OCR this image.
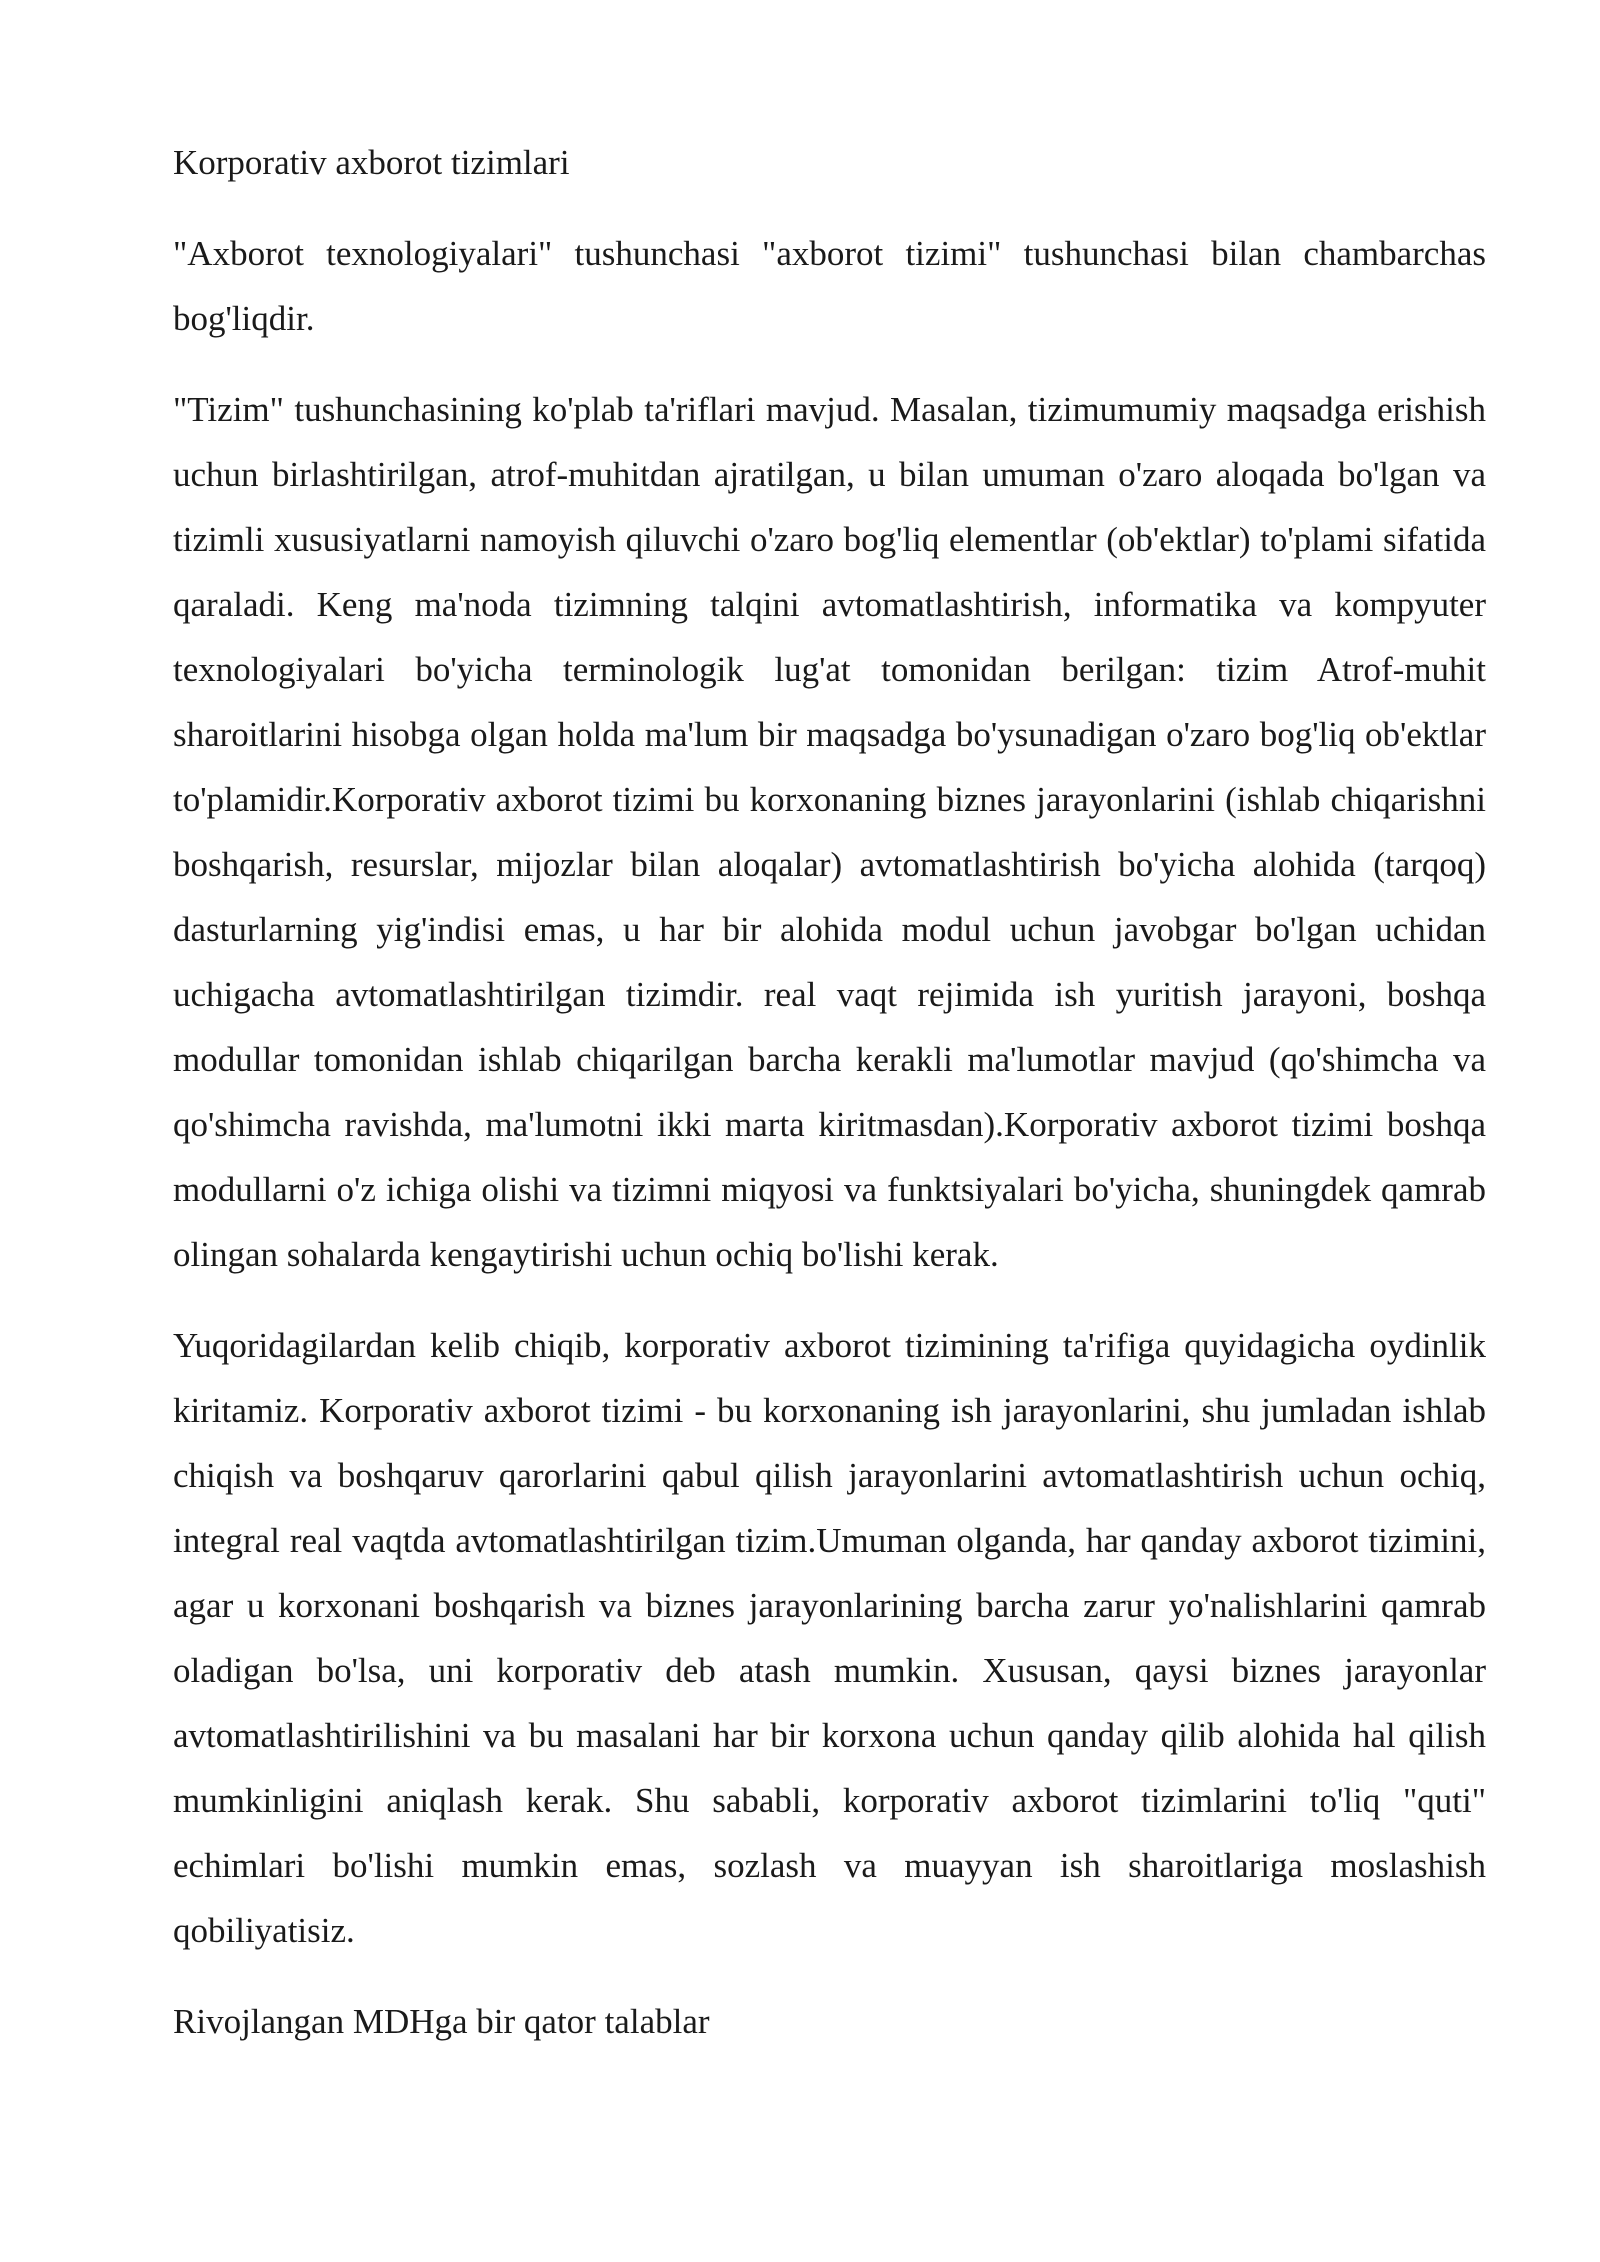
Korporativ axborot tizimlari

"Axborot texnologiyalari" tushunchasi "axborot tizimi" tushunchasi bilan chambarchas bog'liqdir.

"Tizim" tushunchasining ko'plab ta'riflari mavjud. Masalan, tizimumumiy maqsadga erishish uchun birlashtirilgan, atrof-muhitdan ajratilgan, u bilan umuman o'zaro aloqada bo'lgan va tizimli xususiyatlarni namoyish qiluvchi o'zaro bog'liq elementlar (ob'ektlar) to'plami sifatida qaraladi. Keng ma'noda tizimning talqini avtomatlashtirish, informatika va kompyuter texnologiyalari bo'yicha terminologik lug'at tomonidan berilgan: tizim Atrof-muhit sharoitlarini hisobga olgan holda ma'lum bir maqsadga bo'ysunadigan o'zaro bog'liq ob'ektlar to'plamidir.Korporativ axborot tizimi bu korxonaning biznes jarayonlarini (ishlab chiqarishni boshqarish, resurslar, mijozlar bilan aloqalar) avtomatlashtirish bo'yicha alohida (tarqoq) dasturlarning yig'indisi emas, u har bir alohida modul uchun javobgar bo'lgan uchidan uchigacha avtomatlashtirilgan tizimdir. real vaqt rejimida ish yuritish jarayoni, boshqa modullar tomonidan ishlab chiqarilgan barcha kerakli ma'lumotlar mavjud (qo'shimcha va qo'shimcha ravishda, ma'lumotni ikki marta kiritmasdan).Korporativ axborot tizimi boshqa modullarni o'z ichiga olishi va tizimni miqyosi va funktsiyalari bo'yicha, shuningdek qamrab olingan sohalarda kengaytirishi uchun ochiq bo'lishi kerak.

Yuqoridagilardan kelib chiqib, korporativ axborot tizimining ta'rifiga quyidagicha oydinlik kiritamiz. Korporativ axborot tizimi - bu korxonaning ish jarayonlarini, shu jumladan ishlab chiqish va boshqaruv qarorlarini qabul qilish jarayonlarini avtomatlashtirish uchun ochiq, integral real vaqtda avtomatlashtirilgan tizim.Umuman olganda, har qanday axborot tizimini, agar u korxonani boshqarish va biznes jarayonlarining barcha zarur yo'nalishlarini qamrab oladigan bo'lsa, uni korporativ deb atash mumkin. Xususan, qaysi biznes jarayonlar avtomatlashtirilishini va bu masalani har bir korxona uchun qanday qilib alohida hal qilish mumkinligini aniqlash kerak. Shu sababli, korporativ axborot tizimlarini to'liq "quti" echimlari bo'lishi mumkin emas, sozlash va muayyan ish sharoitlariga moslashish qobiliyatisiz.

Rivojlangan MDHga bir qator talablar
